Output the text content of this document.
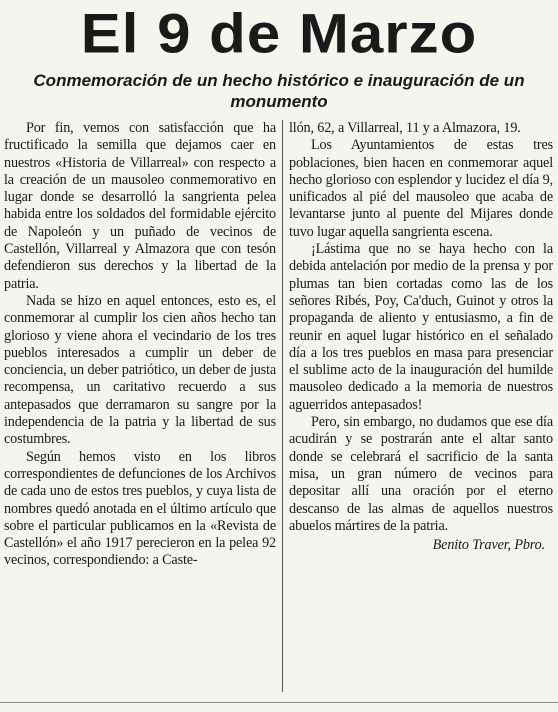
El 9 de Marzo
Conmemoración de un hecho histórico e inauguración de un monumento

Por fin, vemos con satisfacción que ha fructificado la semilla que dejamos caer en nuestros «Historia de Villarreal» con respecto a la creación de un mausoleo conmemorativo en lugar donde se desarrolló la sangrienta pelea habida entre los soldados del formidable ejército de Napoleón y un puñado de vecinos de Castellón, Villarreal y Almazora que con tesón defendieron sus derechos y la libertad de la patria.

Nada se hizo en aquel entonces, esto es, el conmemorar al cumplir los cien años hecho tan glorioso y viene ahora el vecindario de los tres pueblos interesados a cumplir un deber de conciencia, un deber patriótico, un deber de justa recompensa, un caritativo recuerdo a sus antepasados que derramaron su sangre por la independencia de la patria y la libertad de sus costumbres.

Según hemos visto en los libros correspondientes de defunciones de los Archivos de cada uno de estos tres pueblos, y cuya lista de nombres quedó anotada en el último artículo que sobre el particular publicamos en la «Revista de Castellón» el año 1917 perecieron en la pelea 92 vecinos, correspondiendo: a Caste-

llón, 62, a Villarreal, 11 y a Almazora, 19.

Los Ayuntamientos de estas tres poblaciones, bien hacen en conmemorar aquel hecho glorioso con esplendor y lucidez el día 9, unificados al pié del mausoleo que acaba de levantarse junto al puente del Mijares donde tuvo lugar aquella sangrienta escena.

¡Lástima que no se haya hecho con la debida antelación por medio de la prensa y por plumas tan bien cortadas como las de los señores Ribés, Poy, Ca'duch, Guinot y otros la propaganda de aliento y entusiasmo, a fin de reunir en aquel lugar histórico en el señalado día a los tres pueblos en masa para presenciar el sublime acto de la inauguración del humilde mausoleo dedicado a la memoria de nuestros aguerridos antepasados!

Pero, sin embargo, no dudamos que ese día acudirán y se postrarán ante el altar santo donde se celebrará el sacrificio de la santa misa, un gran número de vecinos para depositar allí una oración por el eterno descanso de las almas de aquellos nuestros abuelos mártires de la patria.

Benito Traver, Pbro.
